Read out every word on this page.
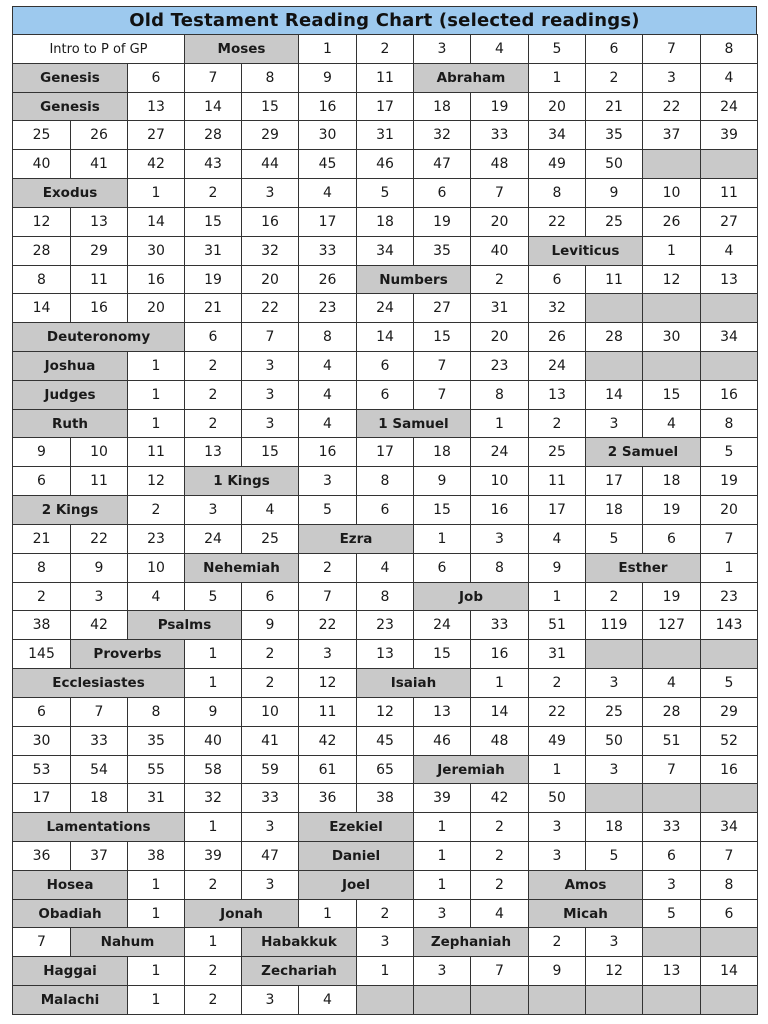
Old Testament Reading Chart (selected readings)
Intro to P of GP	Moses	1	2	3	4	5	6	7	8
Genesis	6	7	8	9	11	Abraham	1	2	3	4
Genesis	13	14	15	16	17	18	19	20	21	22	24
25	26	27	28	29	30	31	32	33	34	35	37	39
40	41	42	43	44	45	46	47	48	49	50
Exodus	1	2	3	4	5	6	7	8	9	10	11
12	13	14	15	16	17	18	19	20	22	25	26	27
28	29	30	31	32	33	34	35	40	Leviticus	1	4
8	11	16	19	20	26	Numbers	2	6	11	12	13
14	16	20	21	22	23	24	27	31	32
Deuteronomy	6	7	8	14	15	20	26	28	30	34
Joshua	1	2	3	4	6	7	23	24
Judges	1	2	3	4	6	7	8	13	14	15	16
Ruth	1	2	3	4	1 Samuel	1	2	3	4	8
9	10	11	13	15	16	17	18	24	25	2 Samuel	5
6	11	12	1 Kings	3	8	9	10	11	17	18	19
2 Kings	2	3	4	5	6	15	16	17	18	19	20
21	22	23	24	25	Ezra	1	3	4	5	6	7
8	9	10	Nehemiah	2	4	6	8	9	Esther	1
2	3	4	5	6	7	8	Job	1	2	19	23
38	42	Psalms	9	22	23	24	33	51	119	127	143
145	Proverbs	1	2	3	13	15	16	31
Ecclesiastes	1	2	12	Isaiah	1	2	3	4	5
6	7	8	9	10	11	12	13	14	22	25	28	29
30	33	35	40	41	42	45	46	48	49	50	51	52
53	54	55	58	59	61	65	Jeremiah	1	3	7	16
17	18	31	32	33	36	38	39	42	50
Lamentations	1	3	Ezekiel	1	2	3	18	33	34
36	37	38	39	47	Daniel	1	2	3	5	6	7
Hosea	1	2	3	Joel	1	2	Amos	3	8
Obadiah	1	Jonah	1	2	3	4	Micah	5	6
7	Nahum	1	Habakkuk	3	Zephaniah	2	3
Haggai	1	2	Zechariah	1	3	7	9	12	13	14
Malachi	1	2	3	4
